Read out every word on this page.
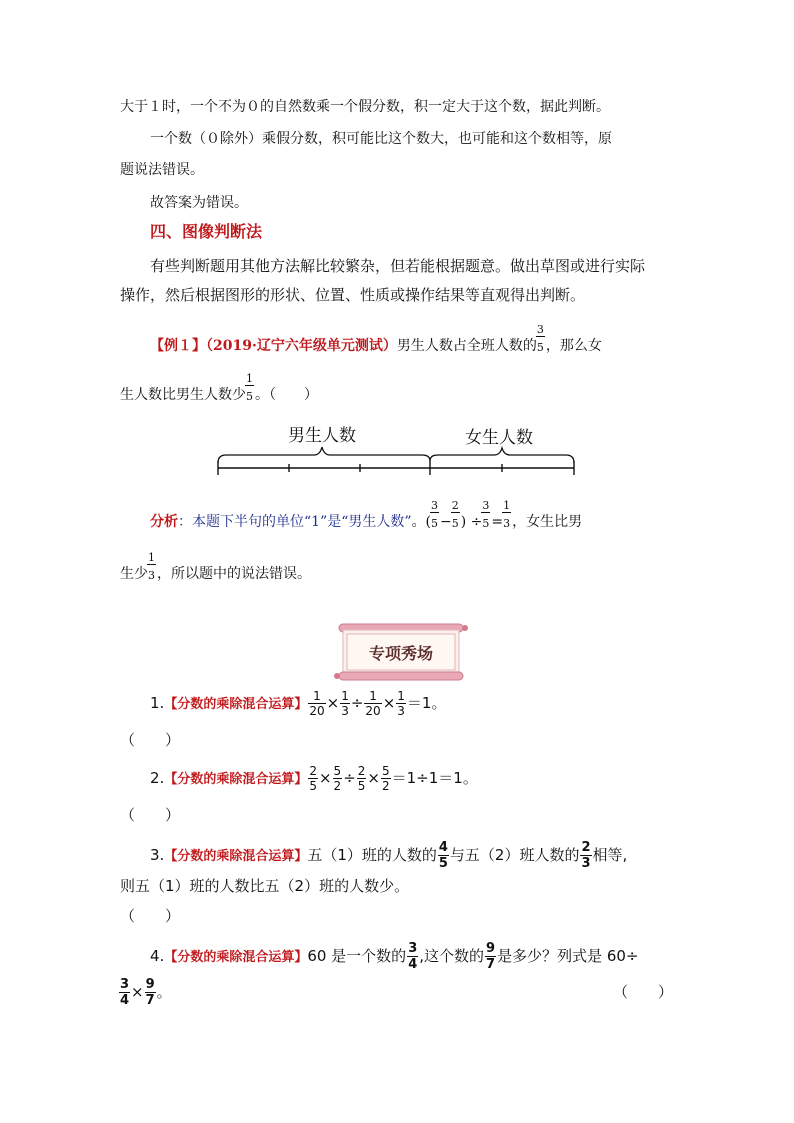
大于１时，一个不为０的自然数乘一个假分数，积一定大于这个数，据此判断。
一个数（０除外）乘假分数，积可能比这个数大，也可能和这个数相等，原
题说法错误。
故答案为错误。
四、图像判断法
有些判断题用其他方法解比较繁杂，但若能根据题意。做出草图或进行实际
操作，然后根据图形的形状、位置、性质或操作结果等直观得出判断。
【例１】（2019·辽宁六年级单元测试）男生人数占全班人数的 $\frac{3}{5}$ ，那么女
生人数比男生人数少 $\frac{1}{5}$ 。（　　）
男生人数	女生人数
分析：本题下半句的单位“1”是“男生人数”。( $\frac{3}{5} - \frac{2}{5}$ ) ÷ $\frac{3}{5} = \frac{1}{3}$ ，女生比男
生少 $\frac{1}{3}$ ，所以题中的说法错误。
专项秀场
1.【分数的乘除混合运算】 $\frac{1}{20} \times \frac{1}{3} \div \frac{1}{20} \times \frac{1}{3} =1$。
（　　）
2.【分数的乘除混合运算】 $\frac{2}{5} \times \frac{5}{2} \div \frac{2}{5} \times \frac{5}{2} =1\div 1=1$。
（　　）
3.【分数的乘除混合运算】五（1）班的人数的 $\frac{4}{5}$ 与五（2）班人数的 $\frac{2}{3}$ 相等,
则五（1）班的人数比五（2）班的人数少。
（　　）
4.【分数的乘除混合运算】60 是一个数的 $\frac{3}{4}$ ,这个数的 $\frac{9}{7}$ 是多少？列式是 60÷
$\frac{3}{4} \times \frac{9}{7}$ 。	（　　）
